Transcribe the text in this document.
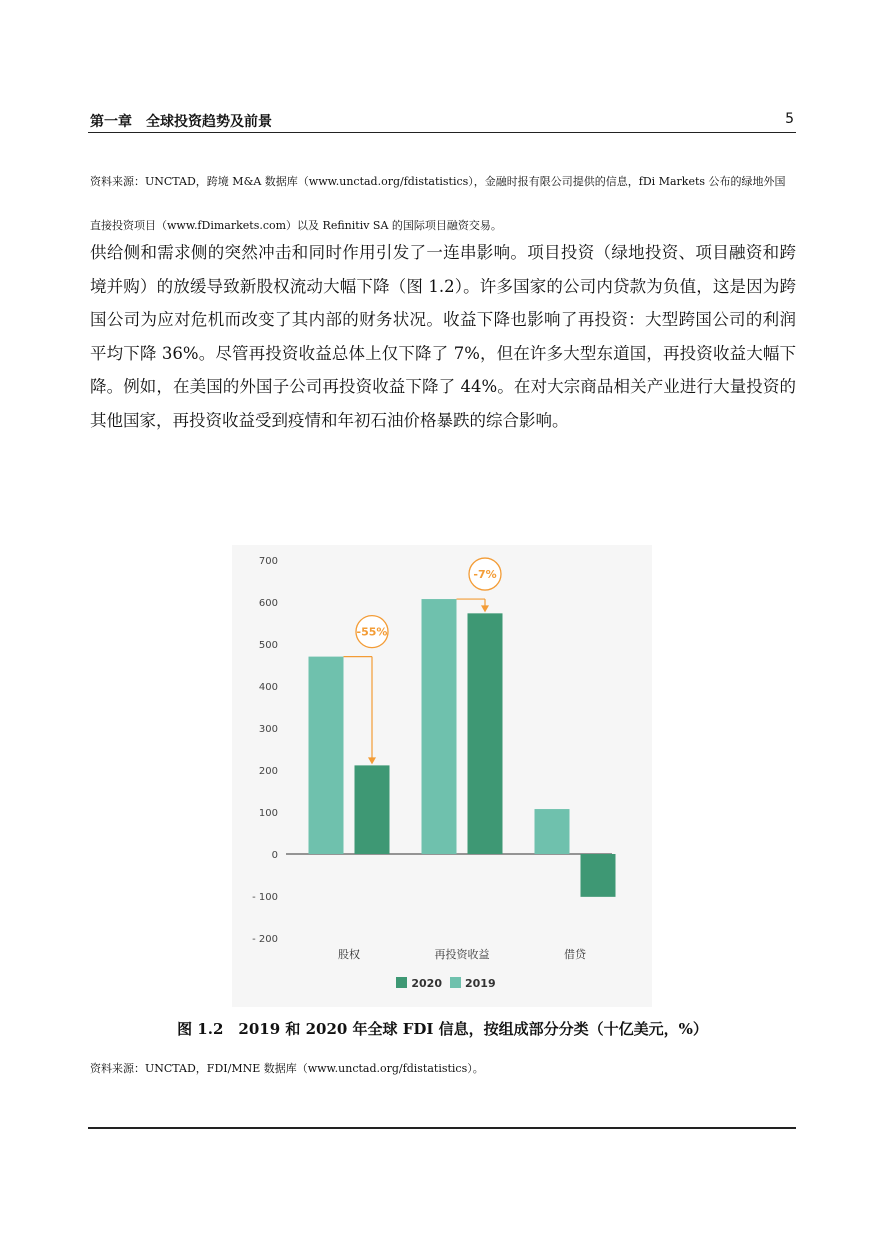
第一章　全球投资趋势及前景	5
资料来源：UNCTAD，跨境 M&A 数据库（www.unctad.org/fdistatistics），金融时报有限公司提供的信息，fDi Markets 公布的绿地外国直接投资项目（www.fDimarkets.com）以及 Refinitiv SA 的国际项目融资交易。
供给侧和需求侧的突然冲击和同时作用引发了一连串影响。项目投资（绿地投资、项目融资和跨境并购）的放缓导致新股权流动大幅下降（图 1.2）。许多国家的公司内贷款为负值，这是因为跨国公司为应对危机而改变了其内部的财务状况。收益下降也影响了再投资：大型跨国公司的利润平均下降 36%。尽管再投资收益总体上仅下降了 7%，但在许多大型东道国，再投资收益大幅下降。例如，在美国的外国子公司再投资收益下降了 44%。在对大宗商品相关产业进行大量投资的其他国家，再投资收益受到疫情和年初石油价格暴跌的综合影响。
- 200
- 100
0
100
200
300
400
500
600
700
股权	再投资收益	借贷
-55%
-7%
2020 2019
图 1.2　2019 和 2020 年全球 FDI 信息，按组成部分分类（十亿美元，%）
资料来源：UNCTAD，FDI/MNE 数据库（www.unctad.org/fdistatistics）。
